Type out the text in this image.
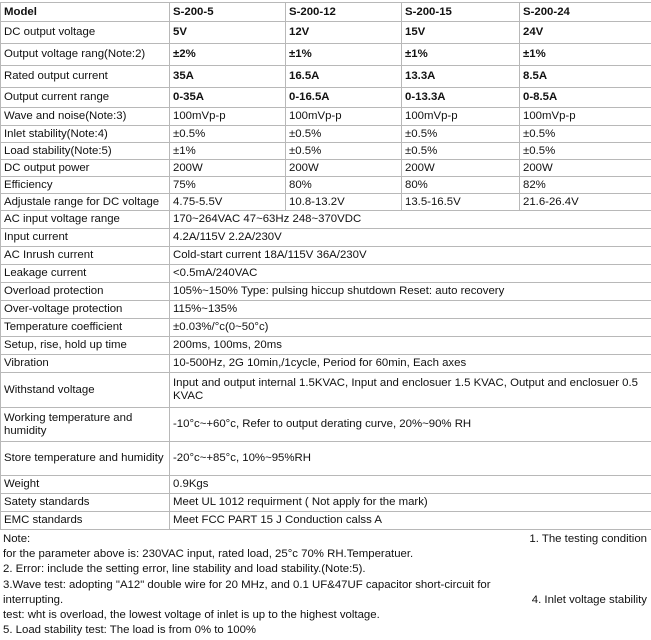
Model	S-200-5	S-200-12	S-200-15	S-200-24
DC output voltage	5V	12V	15V	24V
Output voltage rang(Note:2)	±2%	±1%	±1%	±1%
Rated output current	35A	16.5A	13.3A	8.5A
Output current range	0-35A	0-16.5A	0-13.3A	0-8.5A
Wave and noise(Note:3)	100mVp-p	100mVp-p	100mVp-p	100mVp-p
Inlet stability(Note:4)	±0.5%	±0.5%	±0.5%	±0.5%
Load stability(Note:5)	±1%	±0.5%	±0.5%	±0.5%
DC output power	200W	200W	200W	200W
Efficiency	75%	80%	80%	82%
Adjustale range for DC voltage	4.75-5.5V	10.8-13.2V	13.5-16.5V	21.6-26.4V
AC input voltage range	170~264VAC 47~63Hz 248~370VDC			
Input current	4.2A/115V 2.2A/230V			
AC Inrush current	Cold-start current 18A/115V 36A/230V			
Leakage current	<0.5mA/240VAC			
Overload protection	105%~150% Type: pulsing hiccup shutdown Reset: auto recovery			
Over-voltage protection	115%~135%			
Temperature coefficient	±0.03%/°c(0~50°c)			
Setup, rise, hold up time	200ms, 100ms, 20ms			
Vibration	10-500Hz, 2G 10min,/1cycle, Period for 60min, Each axes			
Withstand voltage	Input and output internal 1.5KVAC, Input and enclosuer 1.5 KVAC, Output and enclosuer 0.5 KVAC			
Working temperature and humidity	-10°c~+60°c, Refer to output derating curve, 20%~90% RH			
Store temperature and humidity	-20°c~+85°c, 10%~95%RH			
Weight	0.9Kgs			
Satety standards	Meet UL 1012 requirment ( Not apply for the mark)			
EMC standards	Meet FCC PART 15 J Conduction calss A			
Note:	1. The testing condition
for the parameter above is: 230VAC input, rated load, 25°c 70% RH.Temperatuer.
2. Error: include the setting error, line stability and load stability.(Note:5).
3.Wave test: adopting "A12" double wire for 20 MHz, and 0.1 UF&47UF capacitor short-circuit for
interrupting.	4. Inlet voltage stability
test: wht is overload, the lowest voltage of inlet is up to the highest voltage.
5. Load stability test: The load is from 0% to 100%
